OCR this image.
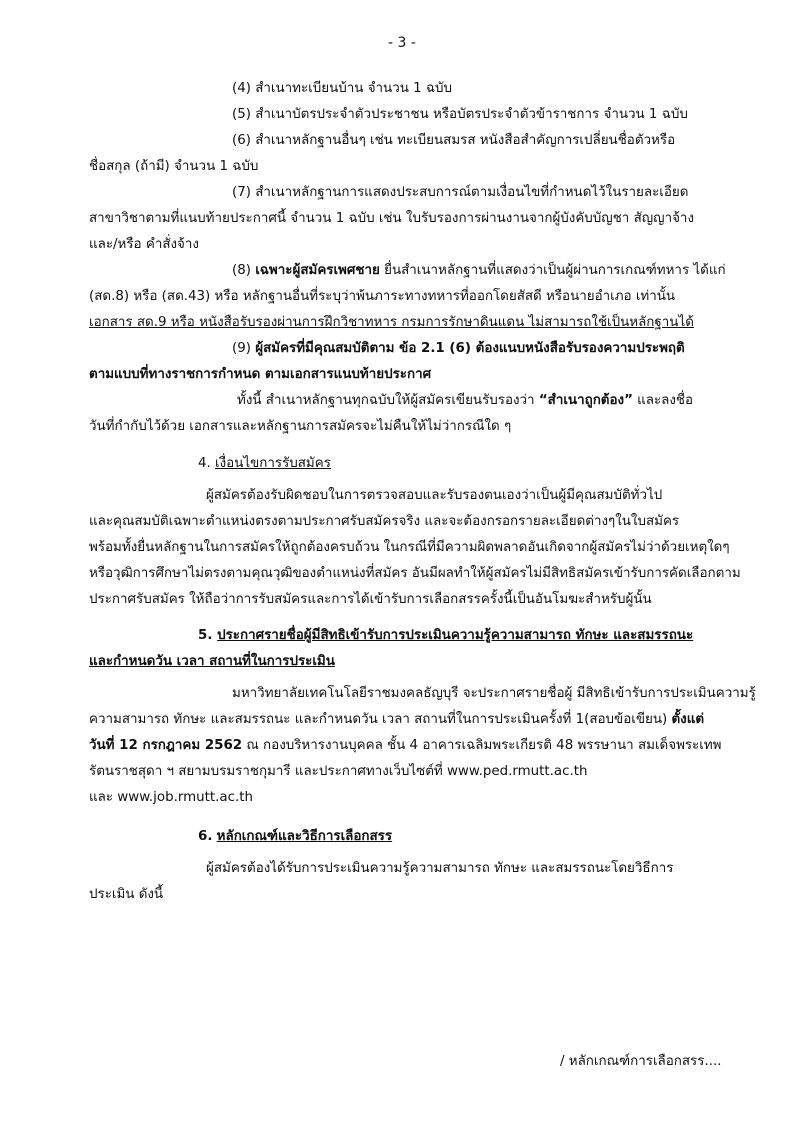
- 3 -
(4) สำเนาทะเบียนบ้าน จำนวน 1 ฉบับ
(5) สำเนาบัตรประจำตัวประชาชน หรือบัตรประจำตัวข้าราชการ จำนวน 1 ฉบับ
(6) สำเนาหลักฐานอื่นๆ เช่น ทะเบียนสมรส หนังสือสำคัญการเปลี่ยนชื่อตัวหรือ
ชื่อสกุล (ถ้ามี) จำนวน 1 ฉบับ
(7) สำเนาหลักฐานการแสดงประสบการณ์ตามเงื่อนไขที่กำหนดไว้ในรายละเอียด
สาขาวิชาตามที่แนบท้ายประกาศนี้ จำนวน 1 ฉบับ เช่น ใบรับรองการผ่านงานจากผู้บังคับบัญชา สัญญาจ้าง
และ/หรือ คำสั่งจ้าง
(8) เฉพาะผู้สมัครเพศชาย ยื่นสำเนาหลักฐานที่แสดงว่าเป็นผู้ผ่านการเกณฑ์ทหาร ได้แก่
(สด.8) หรือ (สด.43) หรือ หลักฐานอื่นที่ระบุว่าพ้นภาระทางทหารที่ออกโดยสัสดี หรือนายอำเภอ เท่านั้น
เอกสาร สด.9 หรือ หนังสือรับรองผ่านการฝึกวิชาทหาร กรมการรักษาดินแดน ไม่สามารถใช้เป็นหลักฐานได้
(9) ผู้สมัครที่มีคุณสมบัติตาม ข้อ 2.1 (6) ต้องแนบหนังสือรับรองความประพฤติ
ตามแบบที่ทางราชการกำหนด ตามเอกสารแนบท้ายประกาศ
ทั้งนี้ สำเนาหลักฐานทุกฉบับให้ผู้สมัครเขียนรับรองว่า “สำเนาถูกต้อง” และลงชื่อ
วันที่กำกับไว้ด้วย เอกสารและหลักฐานการสมัครจะไม่คืนให้ไม่ว่ากรณีใด ๆ
4. เงื่อนไขการรับสมัคร
ผู้สมัครต้องรับผิดชอบในการตรวจสอบและรับรองตนเองว่าเป็นผู้มีคุณสมบัติทั่วไป
และคุณสมบัติเฉพาะตำแหน่งตรงตามประกาศรับสมัครจริง และจะต้องกรอกรายละเอียดต่างๆในใบสมัคร
พร้อมทั้งยื่นหลักฐานในการสมัครให้ถูกต้องครบถ้วน ในกรณีที่มีความผิดพลาดอันเกิดจากผู้สมัครไม่ว่าด้วยเหตุใดๆ
หรือวุฒิการศึกษาไม่ตรงตามคุณวุฒิของตำแหน่งที่สมัคร อันมีผลทำให้ผู้สมัครไม่มีสิทธิสมัครเข้ารับการคัดเลือกตาม
ประกาศรับสมัคร ให้ถือว่าการรับสมัครและการได้เข้ารับการเลือกสรรครั้งนี้เป็นอันโมฆะสำหรับผู้นั้น
5. ประกาศรายชื่อผู้มีสิทธิเข้ารับการประเมินความรู้ความสามารถ ทักษะ และสมรรถนะ
และกำหนดวัน เวลา สถานที่ในการประเมิน
มหาวิทยาลัยเทคโนโลยีราชมงคลธัญบุรี จะประกาศรายชื่อผู้ มีสิทธิเข้ารับการประเมินความรู้
ความสามารถ ทักษะ และสมรรถนะ และกำหนดวัน เวลา สถานที่ในการประเมินครั้งที่ 1(สอบข้อเขียน) ตั้งแต่
วันที่ 12 กรกฎาคม 2562 ณ กองบริหารงานบุคคล ชั้น 4 อาคารเฉลิมพระเกียรติ 48 พรรษานา สมเด็จพระเทพ
รัตนราชสุดา ฯ สยามบรมราชกุมารี และประกาศทางเว็บไซต์ที่ www.ped.rmutt.ac.th
และ www.job.rmutt.ac.th
6. หลักเกณฑ์และวิธีการเลือกสรร
ผู้สมัครต้องได้รับการประเมินความรู้ความสามารถ ทักษะ และสมรรถนะโดยวิธีการ
ประเมิน ดังนี้
/ หลักเกณฑ์การเลือกสรร....
